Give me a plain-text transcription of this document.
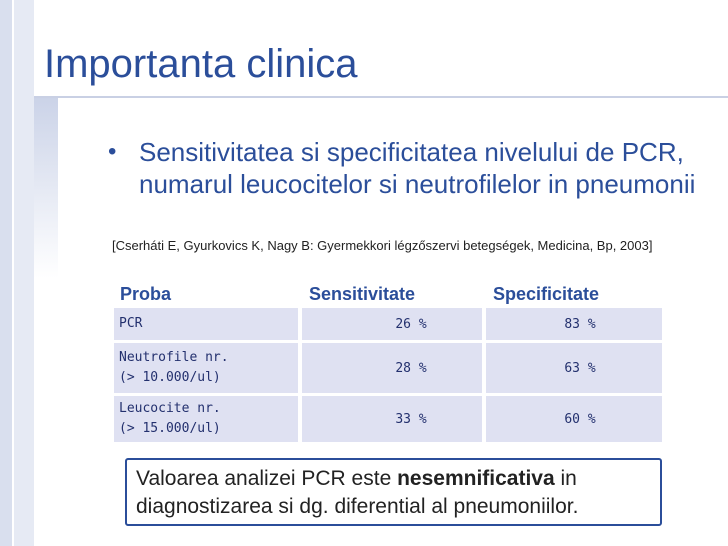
Importanta clinica
• Sensitivitatea si specificitatea nivelului de PCR, numarul leucocitelor si neutrofilelor in pneumonii
[Cserháti E, Gyurkovics K, Nagy B: Gyermekkori légzőszervi betegségek, Medicina, Bp, 2003]
Proba	Sensitivitate	Specificitate
PCR	26 %	83 %
Neutrofile nr.
(> 10.000/ul)
28 %	63 %
Leucocite nr.
(> 15.000/ul)
33 %	60 %
Valoarea analizei PCR este nesemnificativa in diagnostizarea si dg. diferential al pneumoniilor.
